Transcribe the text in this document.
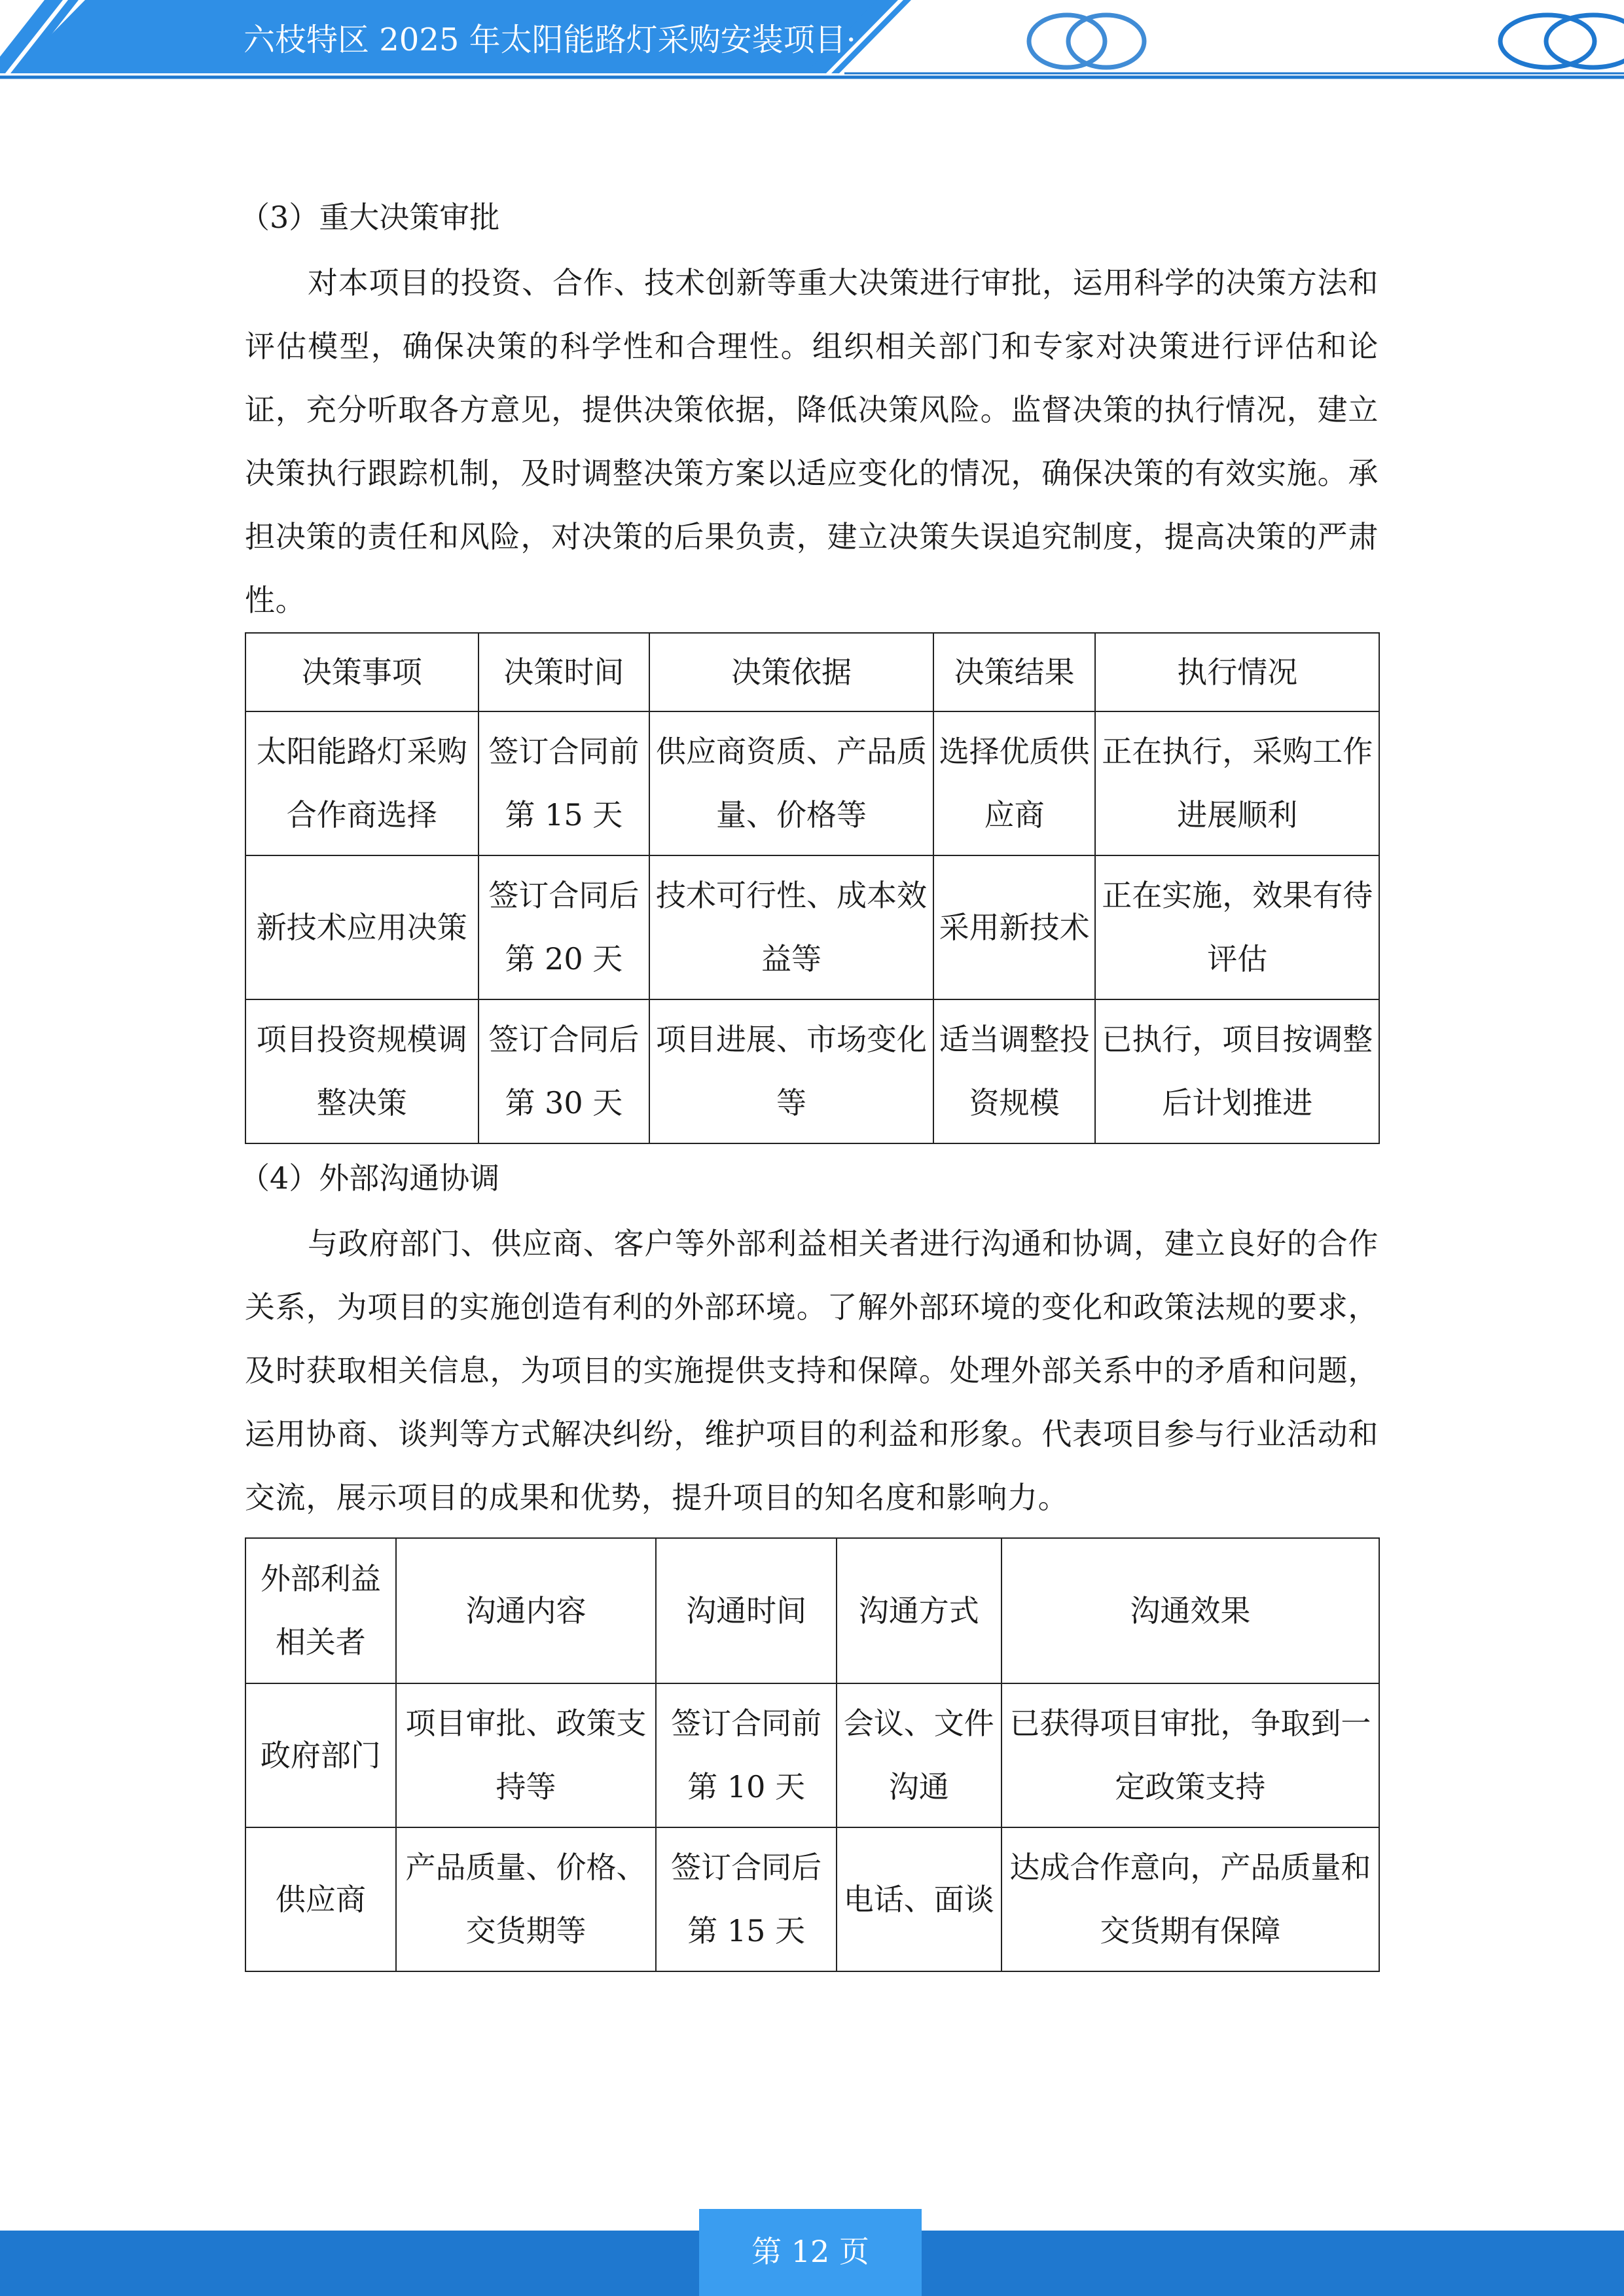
六枝特区 2025 年太阳能路灯采购安装项目·

（3）重大决策审批

对本项目的投资、合作、技术创新等重大决策进行审批，运用科学的决策方法和评估模型，确保决策的科学性和合理性。组织相关部门和专家对决策进行评估和论证，充分听取各方意见，提供决策依据，降低决策风险。监督决策的执行情况，建立决策执行跟踪机制，及时调整决策方案以适应变化的情况，确保决策的有效实施。承担决策的责任和风险，对决策的后果负责，建立决策失误追究制度，提高决策的严肃性。

决策事项	决策时间	决策依据	决策结果	执行情况
太阳能路灯采购合作商选择	签订合同前第 15 天	供应商资质、产品质量、价格等	选择优质供应商	正在执行，采购工作进展顺利
新技术应用决策	签订合同后第 20 天	技术可行性、成本效益等	采用新技术	正在实施，效果有待评估
项目投资规模调整决策	签订合同后第 30 天	项目进展、市场变化等	适当调整投资规模	已执行，项目按调整后计划推进

（4）外部沟通协调

与政府部门、供应商、客户等外部利益相关者进行沟通和协调，建立良好的合作关系，为项目的实施创造有利的外部环境。了解外部环境的变化和政策法规的要求，及时获取相关信息，为项目的实施提供支持和保障。处理外部关系中的矛盾和问题，运用协商、谈判等方式解决纠纷，维护项目的利益和形象。代表项目参与行业活动和交流，展示项目的成果和优势，提升项目的知名度和影响力。

外部利益相关者	沟通内容	沟通时间	沟通方式	沟通效果
政府部门	项目审批、政策支持等	签订合同前第 10 天	会议、文件沟通	已获得项目审批，争取到一定政策支持
供应商	产品质量、价格、交货期等	签订合同后第 15 天	电话、面谈	达成合作意向，产品质量和交货期有保障
第 12 页
